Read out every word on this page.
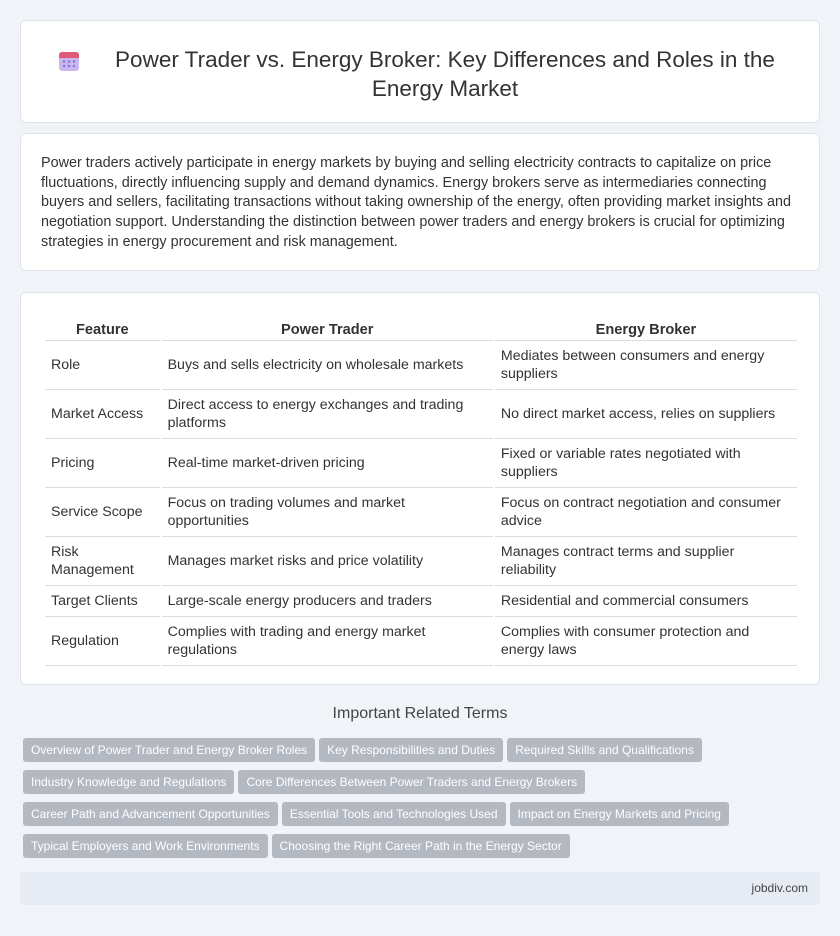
Power Trader vs. Energy Broker: Key Differences and Roles in the Energy Market

Power traders actively participate in energy markets by buying and selling electricity contracts to capitalize on price fluctuations, directly influencing supply and demand dynamics. Energy brokers serve as intermediaries connecting buyers and sellers, facilitating transactions without taking ownership of the energy, often providing market insights and negotiation support. Understanding the distinction between power traders and energy brokers is crucial for optimizing strategies in energy procurement and risk management.

Feature	Power Trader	Energy Broker
Role	Buys and sells electricity on wholesale markets	Mediates between consumers and energy suppliers
Market Access	Direct access to energy exchanges and trading platforms	No direct market access, relies on suppliers
Pricing	Real-time market-driven pricing	Fixed or variable rates negotiated with suppliers
Service Scope	Focus on trading volumes and market opportunities	Focus on contract negotiation and consumer advice
Risk Management	Manages market risks and price volatility	Manages contract terms and supplier reliability
Target Clients	Large-scale energy producers and traders	Residential and commercial consumers
Regulation	Complies with trading and energy market regulations	Complies with consumer protection and energy laws
Important Related Terms
Overview of Power Trader and Energy Broker Roles Key Responsibilities and Duties Required Skills and Qualifications
Industry Knowledge and Regulations Core Differences Between Power Traders and Energy Brokers
Career Path and Advancement Opportunities Essential Tools and Technologies Used Impact on Energy Markets and Pricing
Typical Employers and Work Environments Choosing the Right Career Path in the Energy Sector
jobdiv.com
